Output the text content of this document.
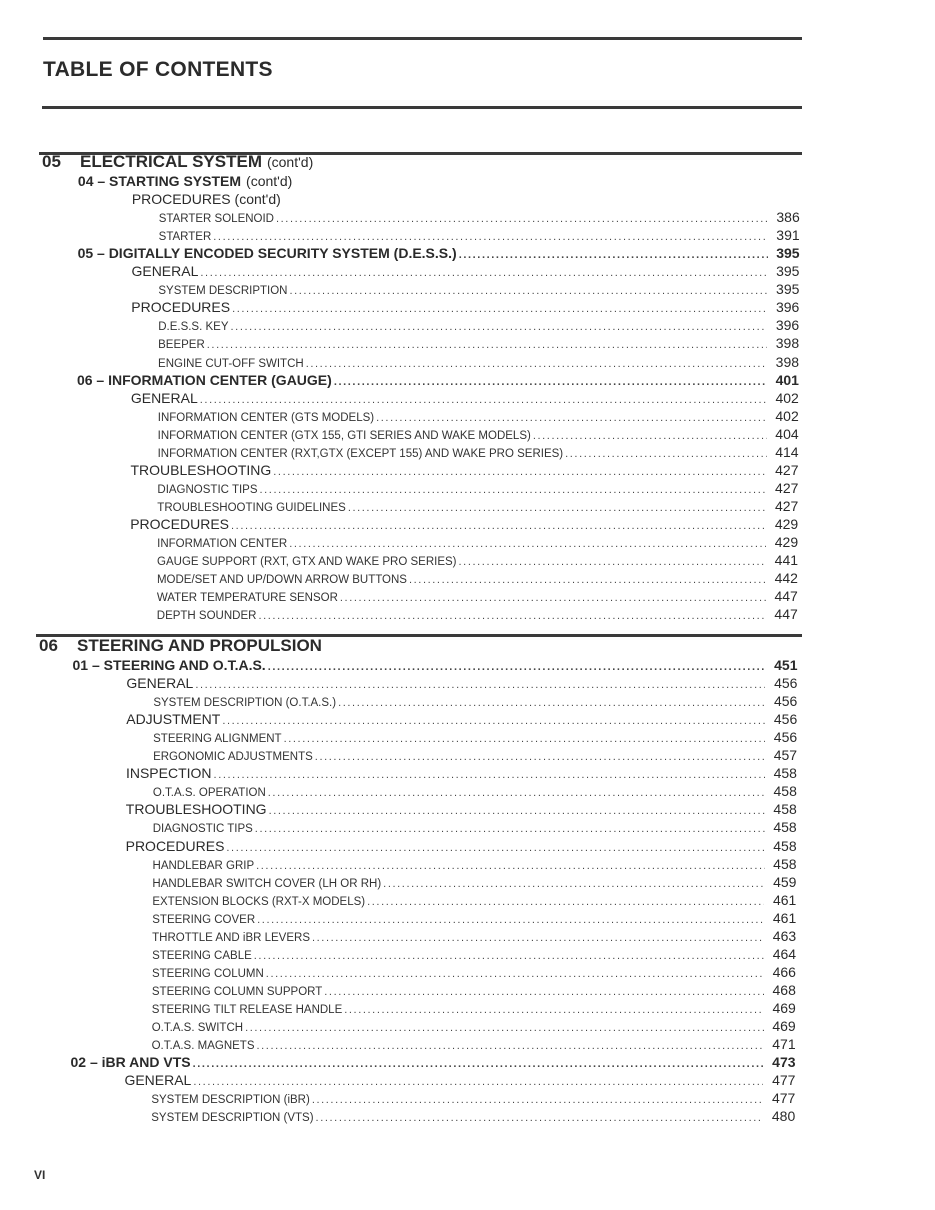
TABLE OF CONTENTS
05 ELECTRICAL SYSTEM (cont'd)
04 – STARTING SYSTEM (cont'd)
PROCEDURES (cont'd)
STARTER SOLENOID .....	386
STARTER .....	391
05 – DIGITALLY ENCODED SECURITY SYSTEM (D.E.S.S.) .....	395
GENERAL .....	395
SYSTEM DESCRIPTION .....	395
PROCEDURES .....	396
D.E.S.S. KEY .....	396
BEEPER .....	398
ENGINE CUT-OFF SWITCH .....	398
06 – INFORMATION CENTER (GAUGE) .....	401
GENERAL .....	402
INFORMATION CENTER (GTS MODELS) .....	402
INFORMATION CENTER (GTX 155, GTI SERIES AND WAKE MODELS) .....	404
INFORMATION CENTER (RXT,GTX (EXCEPT 155) AND WAKE PRO SERIES) .....	414
TROUBLESHOOTING .....	427
DIAGNOSTIC TIPS .....	427
TROUBLESHOOTING GUIDELINES .....	427
PROCEDURES .....	429
INFORMATION CENTER .....	429
GAUGE SUPPORT (RXT, GTX AND WAKE PRO SERIES) .....	441
MODE/SET AND UP/DOWN ARROW BUTTONS .....	442
WATER TEMPERATURE SENSOR .....	447
DEPTH SOUNDER .....	447
06 STEERING AND PROPULSION
01 – STEERING AND O.T.A.S. .....	451
GENERAL .....	456
SYSTEM DESCRIPTION (O.T.A.S.) .....	456
ADJUSTMENT .....	456
STEERING ALIGNMENT .....	456
ERGONOMIC ADJUSTMENTS .....	457
INSPECTION .....	458
O.T.A.S. OPERATION .....	458
TROUBLESHOOTING .....	458
DIAGNOSTIC TIPS .....	458
PROCEDURES .....	458
HANDLEBAR GRIP .....	458
HANDLEBAR SWITCH COVER (LH OR RH) .....	459
EXTENSION BLOCKS (RXT-X MODELS) .....	461
STEERING COVER .....	461
THROTTLE AND iBR LEVERS .....	463
STEERING CABLE .....	464
STEERING COLUMN .....	466
STEERING COLUMN SUPPORT .....	468
STEERING TILT RELEASE HANDLE .....	469
O.T.A.S. SWITCH .....	469
O.T.A.S. MAGNETS .....	471
02 – iBR AND VTS .....	473
GENERAL .....	477
SYSTEM DESCRIPTION (iBR) .....	477
SYSTEM DESCRIPTION (VTS) .....	480
VI
